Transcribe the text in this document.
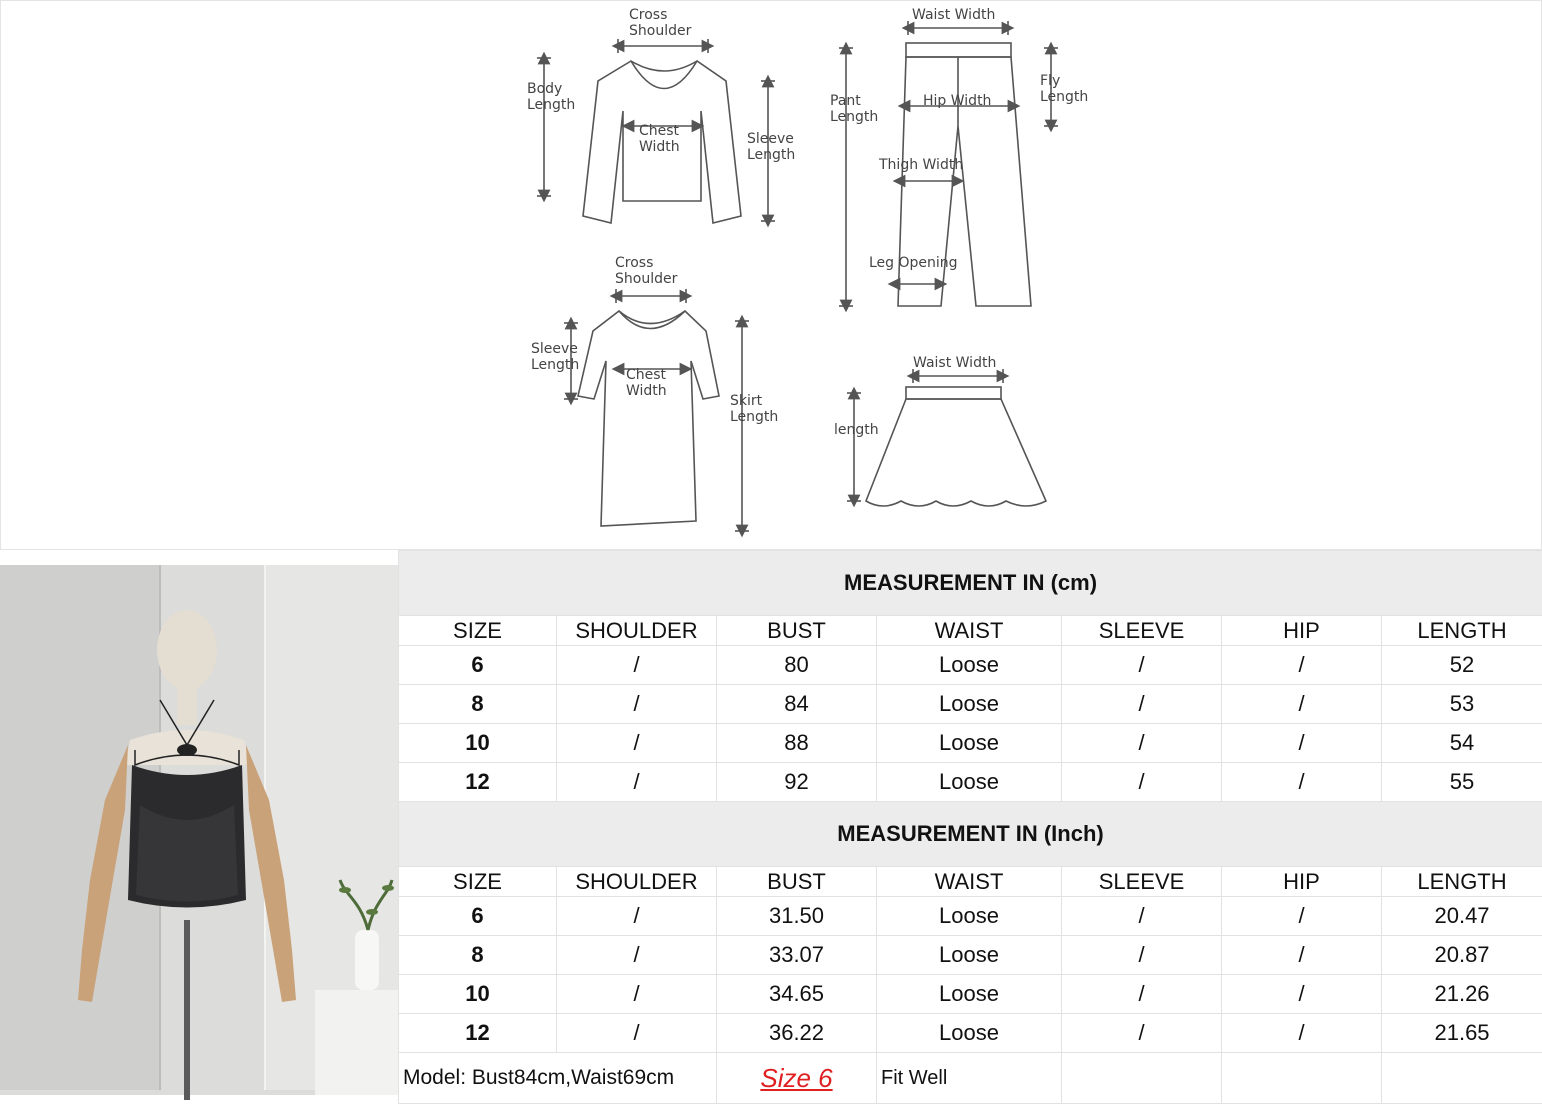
Cross
Shoulder
Body
Length
Chest
Width	Sleeve
Length
Cross
Shoulder
Sleeve
Length
Chest
Width
Skirt
Length
Waist Width
Pant
Length
Fly
Length
Hip Width
Thigh Width
Leg Opening
Waist Width
length
MEASUREMENT IN (cm)						
SIZE	SHOULDER	BUST	WAIST	SLEEVE	HIP	LENGTH
6	/	80	Loose	/	/	52
8	/	84	Loose	/	/	53
10	/	88	Loose	/	/	54
12	/	92	Loose	/	/	55
MEASUREMENT IN (Inch)						
SIZE	SHOULDER	BUST	WAIST	SLEEVE	HIP	LENGTH
6	/	31.50	Loose	/	/	20.47
8	/	33.07	Loose	/	/	20.87
10	/	34.65	Loose	/	/	21.26
12	/	36.22	Loose	/	/	21.65
Model: Bust84cm,Waist69cm		Size 6	Fit Well			
